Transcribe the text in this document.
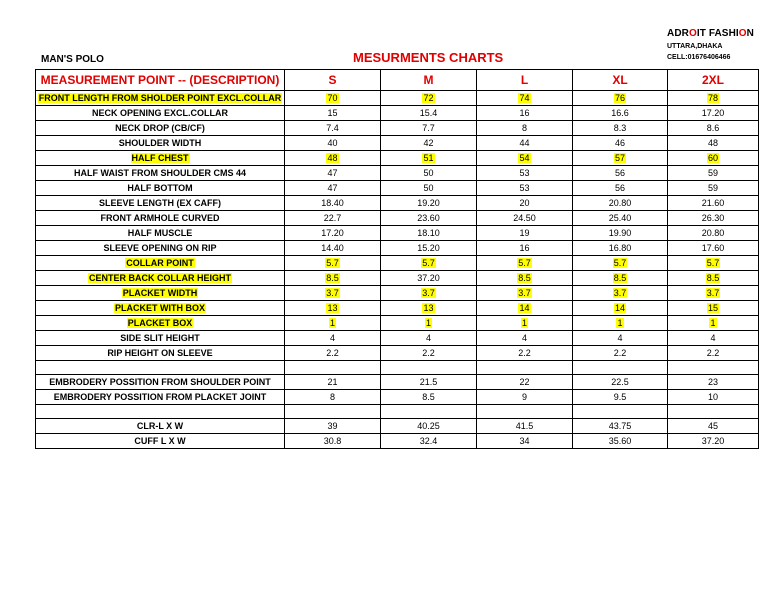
ADROIT FASHION
UTTARA,DHAKA
CELL:01676406466
MAN'S POLO	MESURMENTS CHARTS
MEASUREMENT POINT -- (DESCRIPTION)	S	M	L	XL	2XL
FRONT LENGTH FROM SHOLDER POINT EXCL.COLLAR	70	72	74	76	78
NECK OPENING EXCL.COLLAR	15	15.4	16	16.6	17.20
NECK DROP (CB/CF)	7.4	7.7	8	8.3	8.6
SHOULDER WIDTH	40	42	44	46	48
HALF CHEST	48	51	54	57	60
HALF WAIST FROM SHOULDER CMS 44	47	50	53	56	59
HALF BOTTOM	47	50	53	56	59
SLEEVE LENGTH (EX CAFF)	18.40	19.20	20	20.80	21.60
FRONT ARMHOLE CURVED	22.7	23.60	24.50	25.40	26.30
HALF MUSCLE	17.20	18.10	19	19.90	20.80
SLEEVE OPENING ON RIP	14.40	15.20	16	16.80	17.60
COLLAR POINT	5.7	5.7	5.7	5.7	5.7
CENTER BACK COLLAR HEIGHT	8.5	37.20	8.5	8.5	8.5
PLACKET WIDTH	3.7	3.7	3.7	3.7	3.7
PLACKET WITH BOX	13	13	14	14	15
PLACKET BOX	1	1	1	1	1
SIDE SLIT HEIGHT	4	4	4	4	4
RIP HEIGHT ON SLEEVE	2.2	2.2	2.2	2.2	2.2

EMBRODERY POSSITION FROM SHOULDER POINT	21	21.5	22	22.5	23
EMBRODERY POSSITION FROM PLACKET JOINT	8	8.5	9	9.5	10

CLR-L X W	39	40.25	41.5	43.75	45
CUFF L X W	30.8	32.4	34	35.60	37.20
